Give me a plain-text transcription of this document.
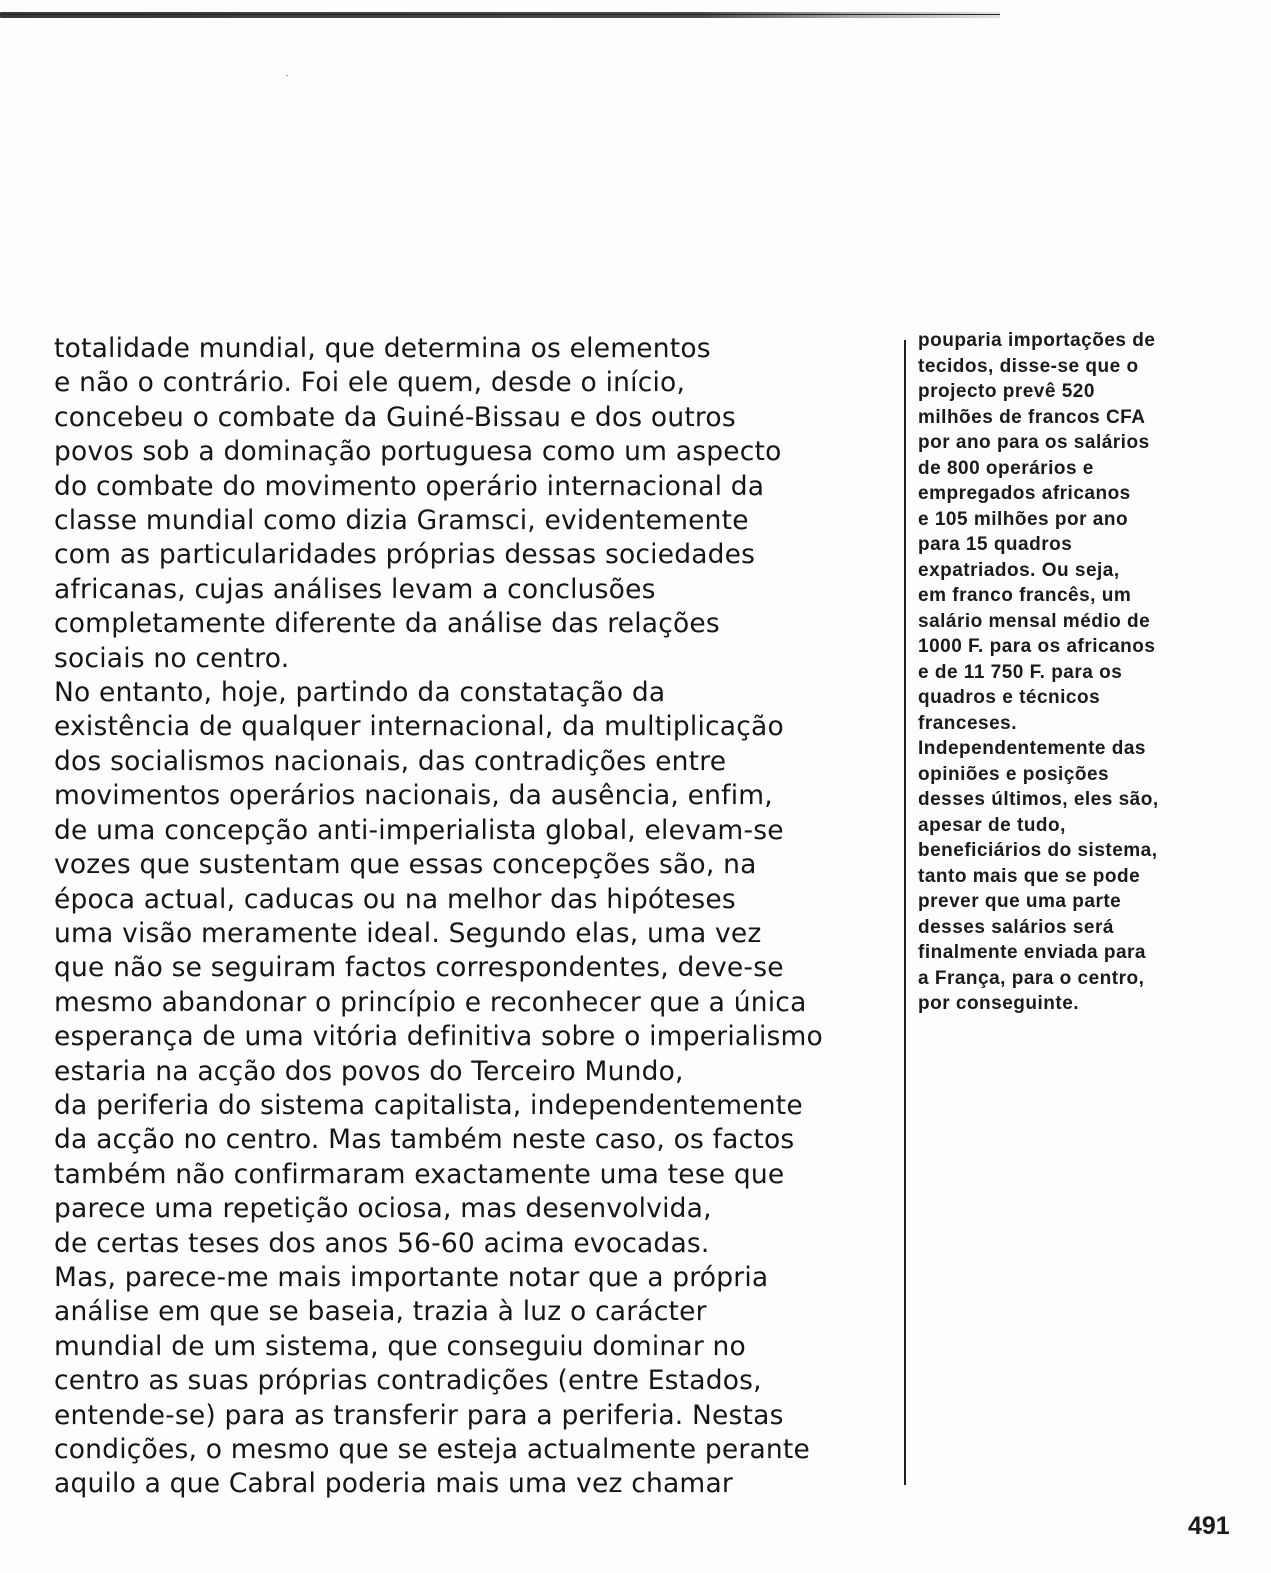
totalidade mundial, que determina os elementos
e não o contrário. Foi ele quem, desde o início,
concebeu o combate da Guiné-Bissau e dos outros
povos sob a dominação portuguesa como um aspecto
do combate do movimento operário internacional da
classe mundial como dizia Gramsci, evidentemente
com as particularidades próprias dessas sociedades
africanas, cujas análises levam a conclusões
completamente diferente da análise das relações
sociais no centro.
No entanto, hoje, partindo da constatação da
existência de qualquer internacional, da multiplicação
dos socialismos nacionais, das contradições entre
movimentos operários nacionais, da ausência, enfim,
de uma concepção anti-imperialista global, elevam-se
vozes que sustentam que essas concepções são, na
época actual, caducas ou na melhor das hipóteses
uma visão meramente ideal. Segundo elas, uma vez
que não se seguiram factos correspondentes, deve-se
mesmo abandonar o princípio e reconhecer que a única
esperança de uma vitória definitiva sobre o imperialismo
estaria na acção dos povos do Terceiro Mundo,
da periferia do sistema capitalista, independentemente
da acção no centro. Mas também neste caso, os factos
também não confirmaram exactamente uma tese que
parece uma repetição ociosa, mas desenvolvida,
de certas teses dos anos 56-60 acima evocadas.
Mas, parece-me mais importante notar que a própria
análise em que se baseia, trazia à luz o carácter
mundial de um sistema, que conseguiu dominar no
centro as suas próprias contradições (entre Estados,
entende-se) para as transferir para a periferia. Nestas
condições, o mesmo que se esteja actualmente perante
aquilo a que Cabral poderia mais uma vez chamar
pouparia importações de
tecidos, disse-se que o
projecto prevê 520
milhões de francos CFA
por ano para os salários
de 800 operários e
empregados africanos
e 105 milhões por ano
para 15 quadros
expatriados. Ou seja,
em franco francês, um
salário mensal médio de
1000 F. para os africanos
e de 11 750 F. para os
quadros e técnicos
franceses.
Independentemente das
opiniões e posições
desses últimos, eles são,
apesar de tudo,
beneficiários do sistema,
tanto mais que se pode
prever que uma parte
desses salários será
finalmente enviada para
a França, para o centro,
por conseguinte.
491
